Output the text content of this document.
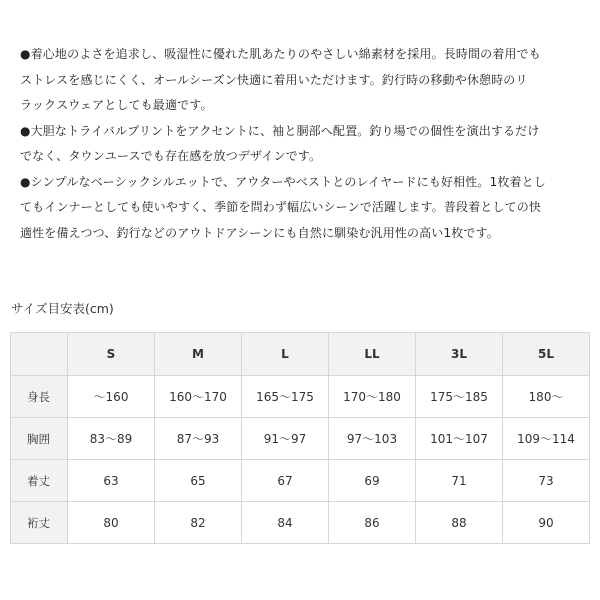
●着心地のよさを追求し、吸湿性に優れた肌あたりのやさしい綿素材を採用。長時間の着用でも
ストレスを感じにくく、オールシーズン快適に着用いただけます。釣行時の移動や休憩時のリ
ラックスウェアとしても最適です。

●大胆なトライバルプリントをアクセントに、袖と胴部へ配置。釣り場での個性を演出するだけ
でなく、タウンユースでも存在感を放つデザインです。

●シンプルなベーシックシルエットで、アウターやベストとのレイヤードにも好相性。1枚着とし
てもインナーとしても使いやすく、季節を問わず幅広いシーンで活躍します。普段着としての快
適性を備えつつ、釣行などのアウトドアシーンにも自然に馴染む汎用性の高い1枚です。

サイズ目安表(cm)
	S	M	L	LL	3L	5L
身長	〜160	160〜170	165〜175	170〜180	175〜185	180〜
胸囲	83〜89	87〜93	91〜97	97〜103	101〜107	109〜114
着丈	63	65	67	69	71	73
裄丈	80	82	84	86	88	90
